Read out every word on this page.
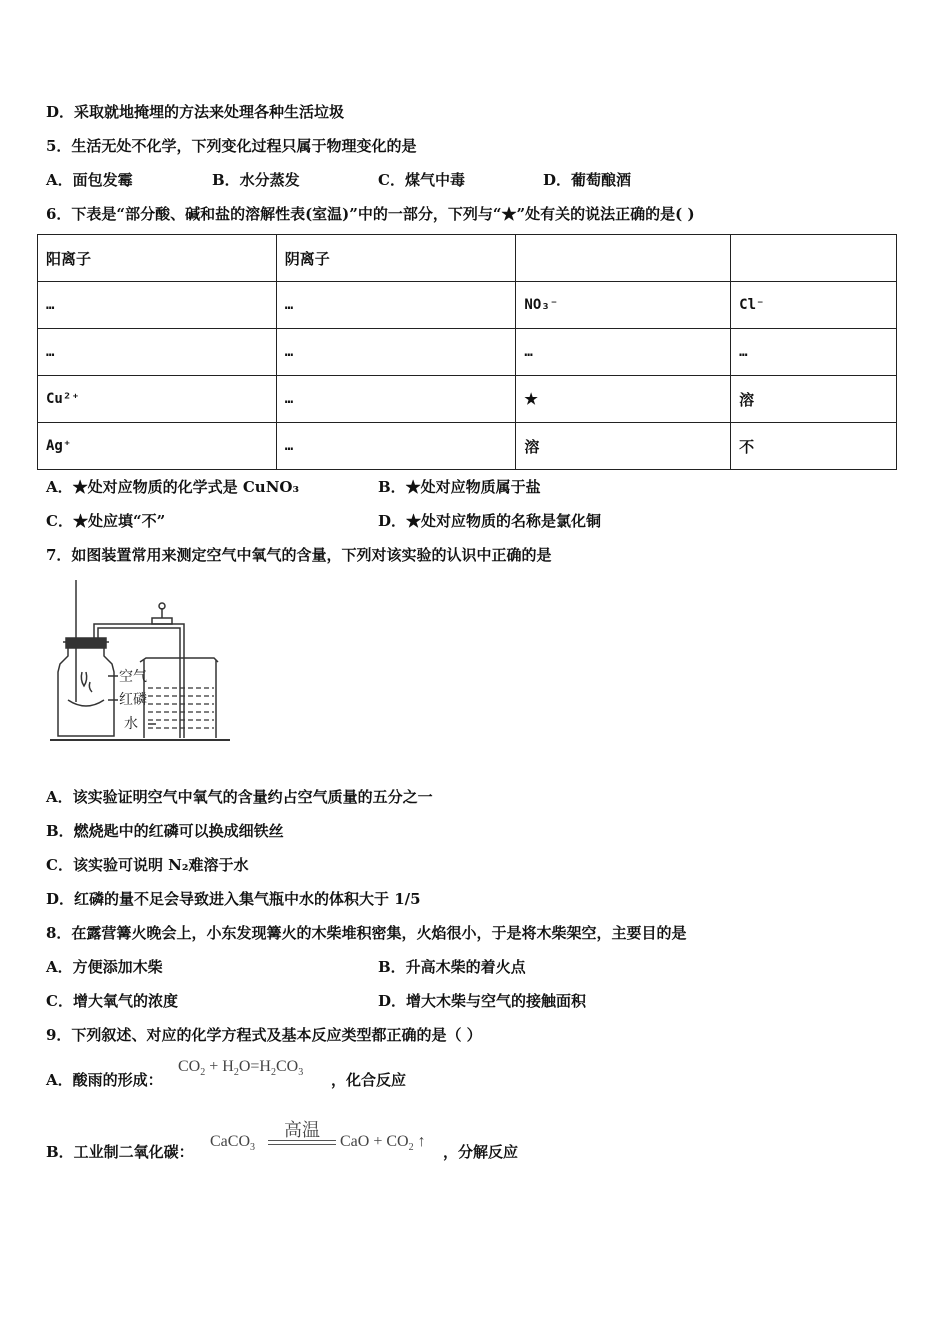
D．采取就地掩埋的方法来处理各种生活垃圾
5．生活无处不化学，下列变化过程只属于物理变化的是
A．面包发霉	B．水分蒸发	C．煤气中毒	D．葡萄酿酒
6．下表是“部分酸、碱和盐的溶解性表(室温)”中的一部分，下列与“★”处有关的说法正确的是( )
阳离子	阴离子		
…	…	NO₃⁻	Cl⁻
…	…	…	…
Cu²⁺	…	★	溶
Ag⁺	…	溶	不
A．★处对应物质的化学式是 CuNO₃	B．★处对应物质属于盐
C．★处应填“不”	D．★处对应物质的名称是氯化铜
7．如图装置常用来测定空气中氧气的含量，下列对该实验的认识中正确的是
空气
红磷
水
A．该实验证明空气中氧气的含量约占空气质量的五分之一
B．燃烧匙中的红磷可以换成细铁丝
C．该实验可说明 N₂难溶于水
D．红磷的量不足会导致进入集气瓶中水的体积大于 1/5
8．在露营篝火晚会上，小东发现篝火的木柴堆积密集，火焰很小，于是将木柴架空，主要目的是
A．方便添加木柴	B．升高木柴的着火点
C．增大氧气的浓度	D．增大木柴与空气的接触面积
9．下列叙述、对应的化学方程式及基本反应类型都正确的是（ ）
A．酸雨的形成：
$CO_2 + H_2O=H_2CO_3$ ，化合反应
B．工业制二氧化碳：
CaCO$_3$
高温
CaO + $CO_2$ ↑
，分解反应
